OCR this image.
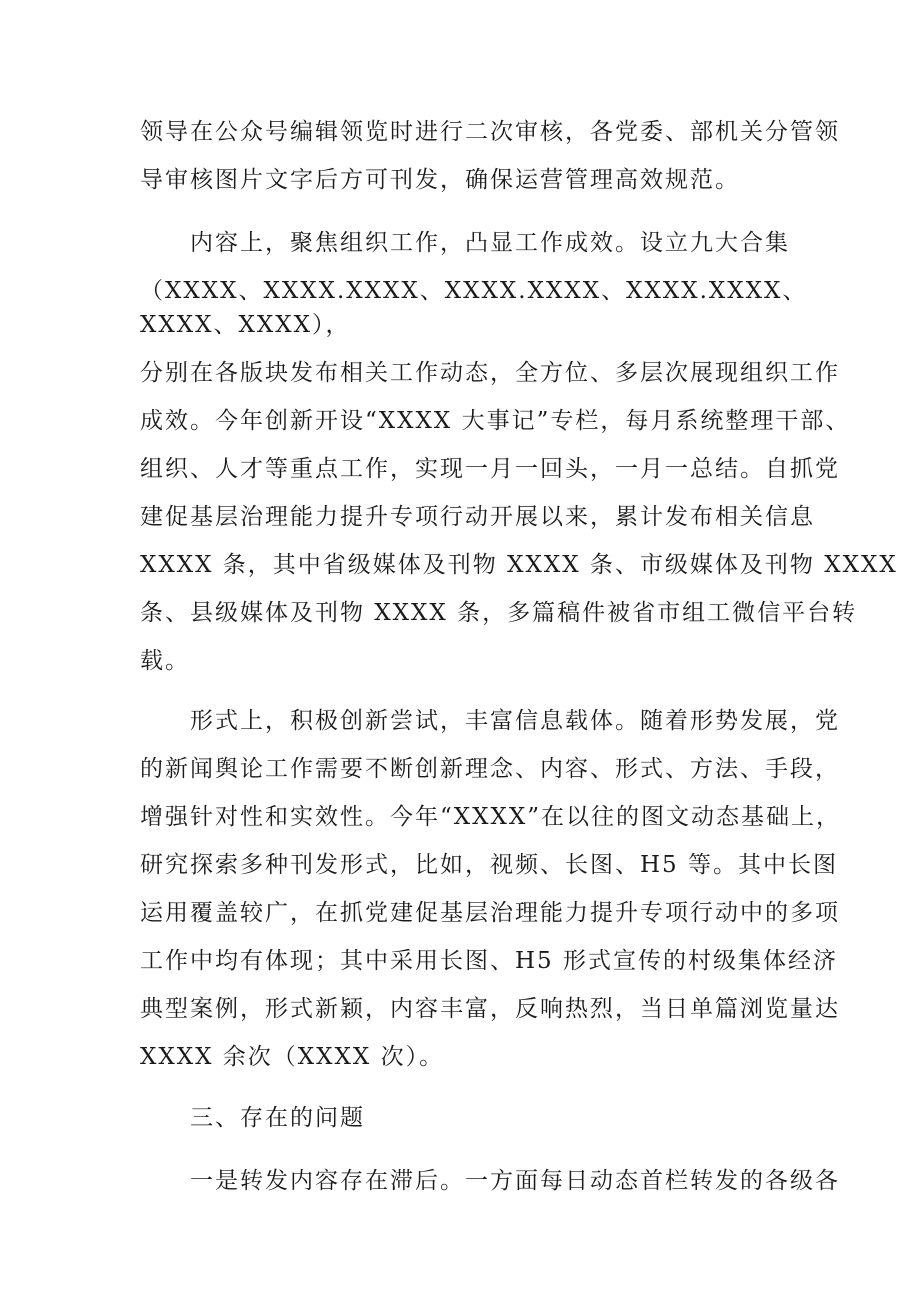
领导在公众号编辑领览时进行二次审核，各党委、部机关分管领
导审核图片文字后方可刊发，确保运营管理高效规范。
内容上，聚焦组织工作，凸显工作成效。设立九大合集
（XXXX、XXXX.XXXX、XXXX.XXXX、XXXX.XXXX、
XXXX、XXXX），
分别在各版块发布相关工作动态，全方位、多层次展现组织工作
成效。今年创新开设“XXXX 大事记”专栏，每月系统整理干部、
组织、人才等重点工作，实现一月一回头，一月一总结。自抓党
建促基层治理能力提升专项行动开展以来，累计发布相关信息
XXXX 条，其中省级媒体及刊物 XXXX 条、市级媒体及刊物 XXXX
条、县级媒体及刊物 XXXX 条，多篇稿件被省市组工微信平台转
载。
形式上，积极创新尝试，丰富信息载体。随着形势发展，党
的新闻舆论工作需要不断创新理念、内容、形式、方法、手段，
增强针对性和实效性。今年“XXXX”在以往的图文动态基础上，
研究探索多种刊发形式，比如，视频、长图、H5 等。其中长图
运用覆盖较广，在抓党建促基层治理能力提升专项行动中的多项
工作中均有体现；其中采用长图、H5 形式宣传的村级集体经济
典型案例，形式新颖，内容丰富，反响热烈，当日单篇浏览量达
XXXX 余次（XXXX 次）。
三、存在的问题
一是转发内容存在滞后。一方面每日动态首栏转发的各级各
